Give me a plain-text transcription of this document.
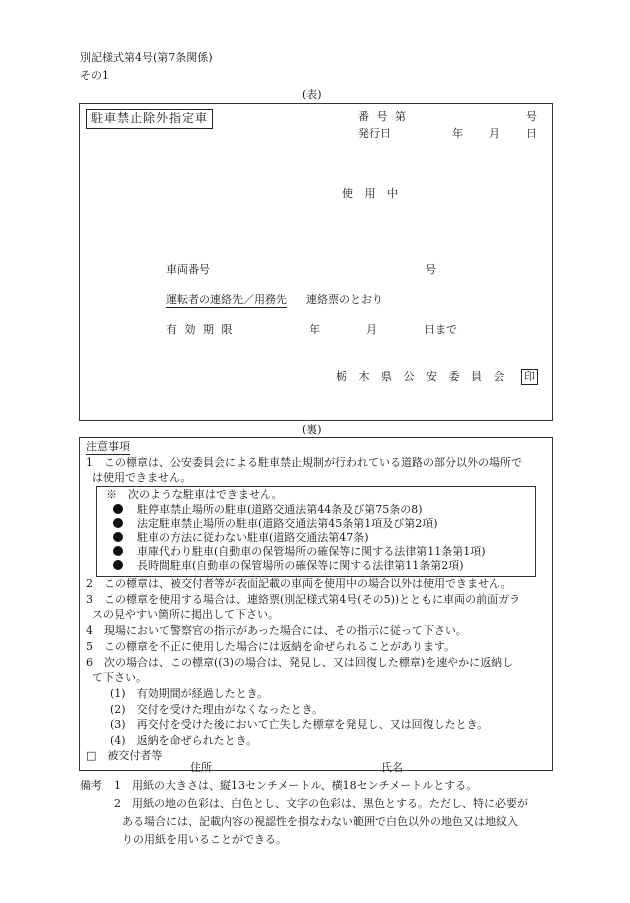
別記様式第4号(第7条関係)
その1
(表)
駐車禁止除外指定車	番 号 第	号
発行日	年 月 日
使 用 中
車両番号	号
運転者の連絡先／用務先 連絡票のとおり
有 効 期 限	年	月	日まで
栃 木 県 公 安 委 員 会 印
(裏)
注意事項
1　この標章は、公安委員会による駐車禁止規制が行われている道路の部分以外の場所で
は使用できません。
※　次のような駐車はできません。
駐停車禁止場所の駐車(道路交通法第44条及び第75条の8)
法定駐車禁止場所の駐車(道路交通法第45条第1項及び第2項)
駐車の方法に従わない駐車(道路交通法第47条)
車庫代わり駐車(自動車の保管場所の確保等に関する法律第11条第1項)
長時間駐車(自動車の保管場所の確保等に関する法律第11条第2項)
2　この標章は、被交付者等が表面記載の車両を使用中の場合以外は使用できません。
3　この標章を使用する場合は、連絡票(別記様式第4号(その5))とともに車両の前面ガラ
スの見やすい箇所に掲出して下さい。
4　現場において警察官の指示があった場合には、その指示に従って下さい。
5　この標章を不正に使用した場合には返納を命ぜられることがあります。
6　次の場合は、この標章((3)の場合は、発見し、又は回復した標章)を速やかに返納し
て下さい。
(1)　有効期間が経過したとき。
(2)　交付を受けた理由がなくなったとき。
(3)　再交付を受けた後において亡失した標章を発見し、又は回復したとき。
(4)　返納を命ぜられたとき。
□　被交付者等
住所	氏名
備考 1　用紙の大きさは、縦13センチメートル、横18センチメートルとする。
2　用紙の地の色彩は、白色とし、文字の色彩は、黒色とする。ただし、特に必要が
ある場合には、記載内容の視認性を損なわない範囲で白色以外の地色又は地紋入
りの用紙を用いることができる。
